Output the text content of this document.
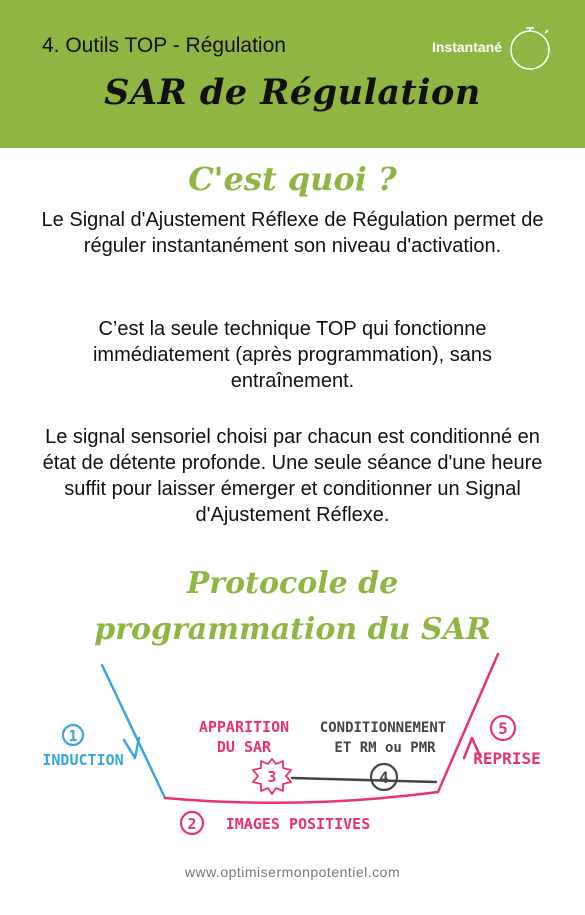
4. Outils TOP - Régulation	Instantané
SAR de Régulation
C'est quoi ?
Le Signal d'Ajustement Réflexe de Régulation permet de réguler instantanément son niveau d'activation.
C’est la seule technique TOP qui fonctionne immédiatement (après programmation), sans entraînement.
Le signal sensoriel choisi par chacun est conditionné en état de détente profonde. Une seule séance d'une heure suffit pour laisser émerger et conditionner un Signal d'Ajustement Réflexe.
Protocole de
programmation du SAR
1
INDUCTION
2 IMAGES POSITIVES
APPARITION
DU SAR
3
CONDITIONNEMENT
ET RM ou PMR
4
5
REPRISE
www.optimisermonpotentiel.com
